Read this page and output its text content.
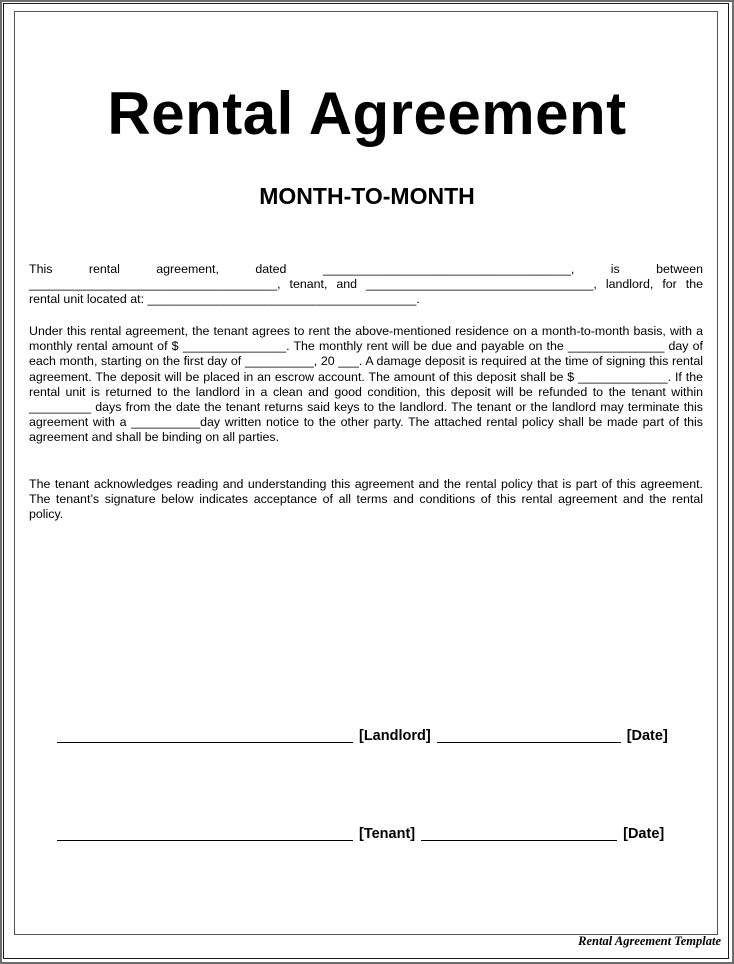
Rental Agreement
MONTH-TO-MONTH

This rental agreement, dated ____________________________________, is between ____________________________________, tenant, and _________________________________, landlord, for the rental unit located at: _______________________________________.

Under this rental agreement, the tenant agrees to rent the above-mentioned residence on a month-to-month basis, with a monthly rental amount of $ _______________. The monthly rent will be due and payable on the ______________ day of each month, starting on the first day of __________, 20 ___. A damage deposit is required at the time of signing this rental agreement. The deposit will be placed in an escrow account. The amount of this deposit shall be $ _____________. If the rental unit is returned to the landlord in a clean and good condition, this deposit will be refunded to the tenant within _________ days from the date the tenant returns said keys to the landlord. The tenant or the landlord may terminate this agreement with a __________day written notice to the other party. The attached rental policy shall be made part of this agreement and shall be binding on all parties.

The tenant acknowledges reading and understanding this agreement and the rental policy that is part of this agreement. The tenant’s signature below indicates acceptance of all terms and conditions of this rental agreement and the rental policy.

[Landlord]	[Date]
[Tenant]	[Date]

Rental Agreement Template
